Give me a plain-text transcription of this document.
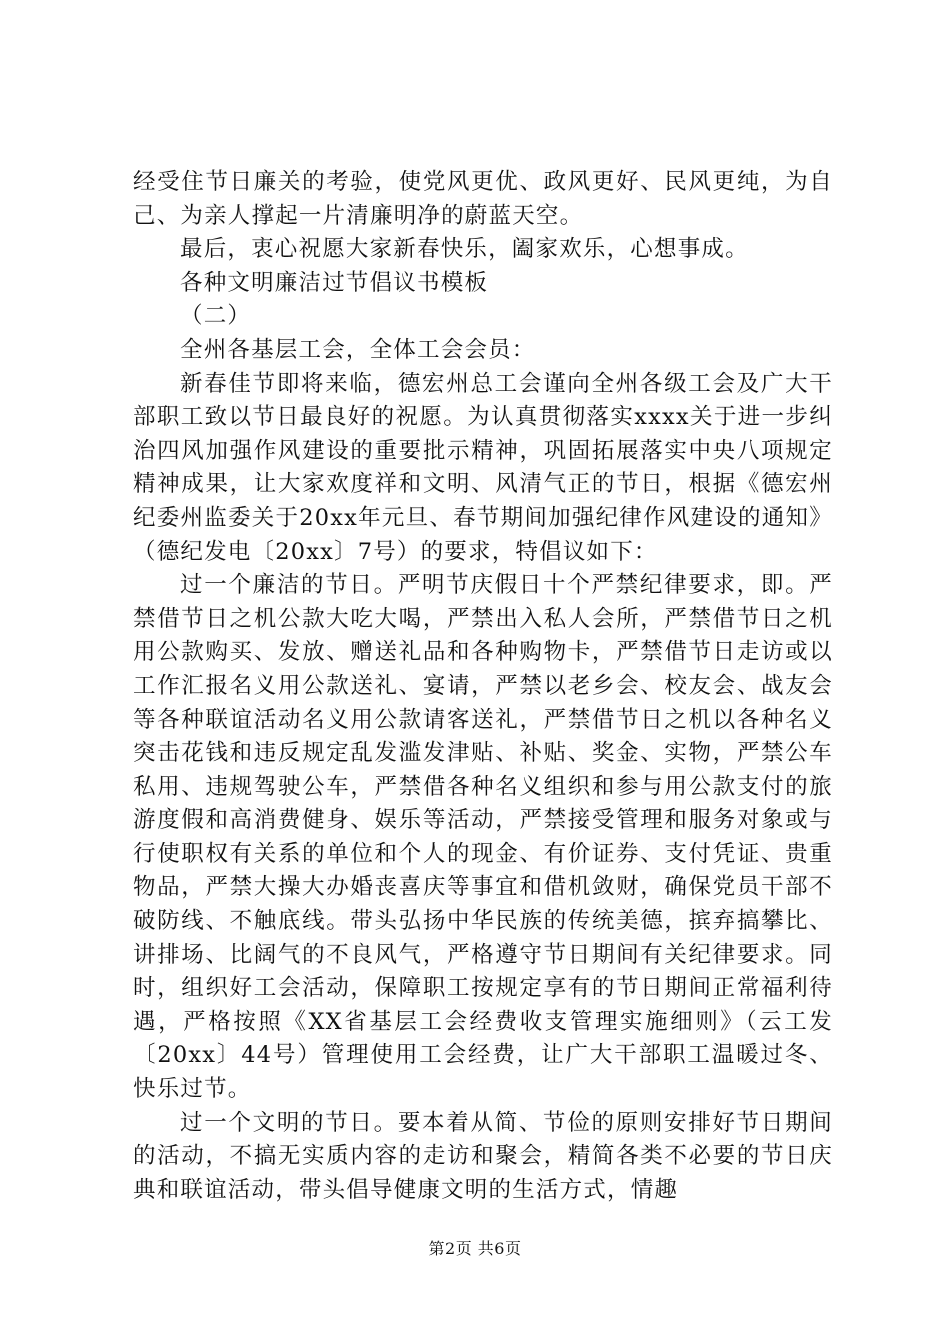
经受住节日廉关的考验，使党风更优、政风更好、民风更纯，为自己、为亲人撑起一片清廉明净的蔚蓝天空。

最后，衷心祝愿大家新春快乐，阖家欢乐，心想事成。

各种文明廉洁过节倡议书模板

（二）

全州各基层工会，全体工会会员：

新春佳节即将来临，德宏州总工会谨向全州各级工会及广大干部职工致以节日最良好的祝愿。为认真贯彻落实xxxx关于进一步纠治四风加强作风建设的重要批示精神，巩固拓展落实中央八项规定精神成果，让大家欢度祥和文明、风清气正的节日，根据《德宏州纪委州监委关于20xx年元旦、春节期间加强纪律作风建设的通知》（德纪发电〔20xx〕7号）的要求，特倡议如下：

过一个廉洁的节日。严明节庆假日十个严禁纪律要求，即。严禁借节日之机公款大吃大喝，严禁出入私人会所，严禁借节日之机用公款购买、发放、赠送礼品和各种购物卡，严禁借节日走访或以工作汇报名义用公款送礼、宴请，严禁以老乡会、校友会、战友会等各种联谊活动名义用公款请客送礼，严禁借节日之机以各种名义突击花钱和违反规定乱发滥发津贴、补贴、奖金、实物，严禁公车私用、违规驾驶公车，严禁借各种名义组织和参与用公款支付的旅游度假和高消费健身、娱乐等活动，严禁接受管理和服务对象或与行使职权有关系的单位和个人的现金、有价证券、支付凭证、贵重物品，严禁大操大办婚丧喜庆等事宜和借机敛财，确保党员干部不破防线、不触底线。带头弘扬中华民族的传统美德，摈弃搞攀比、讲排场、比阔气的不良风气，严格遵守节日期间有关纪律要求。同时，组织好工会活动，保障职工按规定享有的节日期间正常福利待遇，严格按照《XX省基层工会经费收支管理实施细则》（云工发〔20xx〕44号）管理使用工会经费，让广大干部职工温暖过冬、快乐过节。

过一个文明的节日。要本着从简、节俭的原则安排好节日期间的活动，不搞无实质内容的走访和聚会，精简各类不必要的节日庆典和联谊活动，带头倡导健康文明的生活方式，情趣

第2页 共6页
